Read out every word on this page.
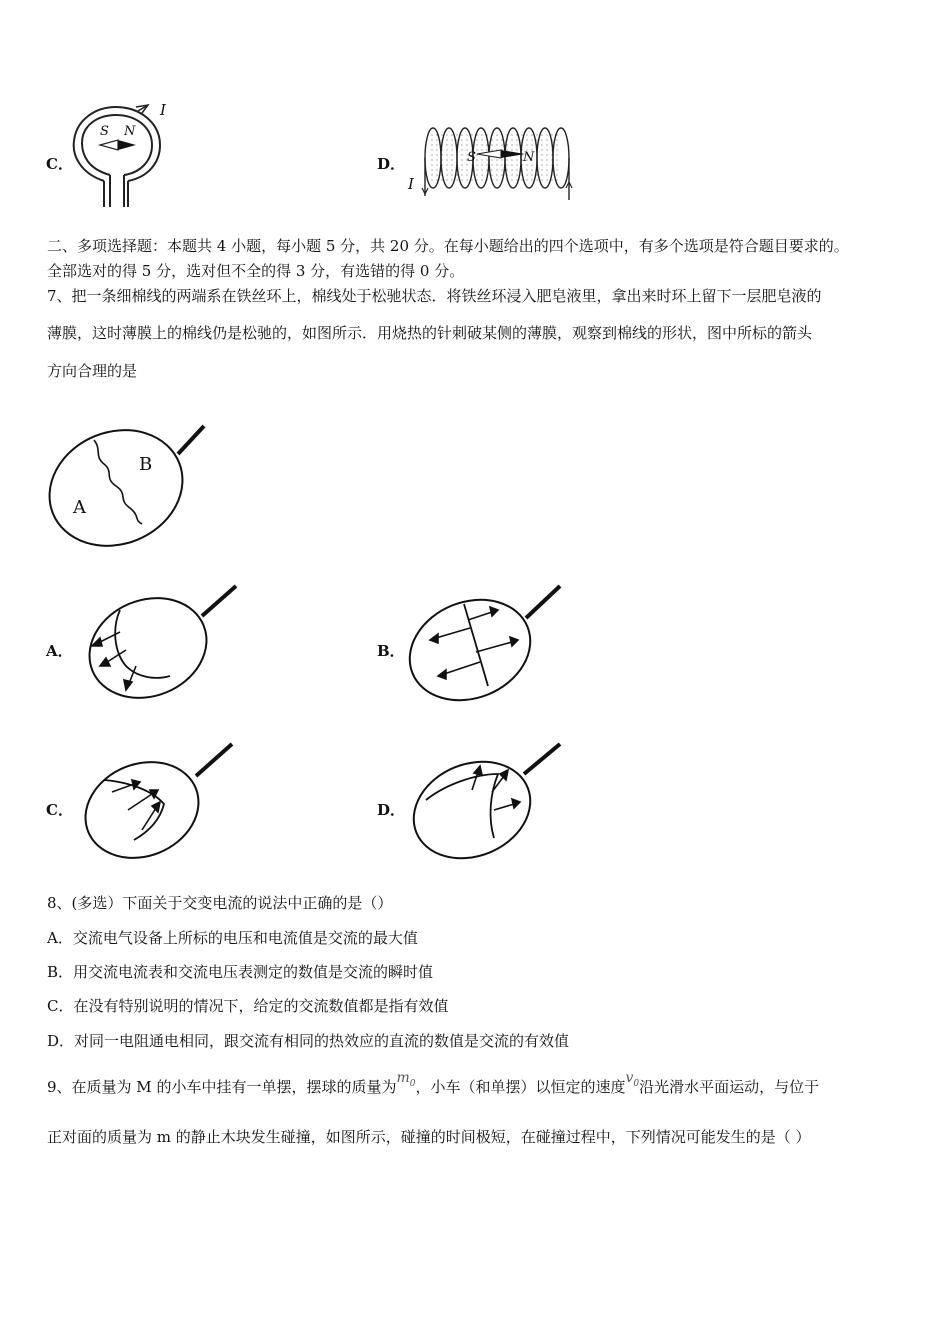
C．
I
S N
D．
I
S	N
二、多项选择题：本题共 4 小题，每小题 5 分，共 20 分。在每小题给出的四个选项中，有多个选项是符合题目要求的。
全部选对的得 5 分，选对但不全的得 3 分，有选错的得 0 分。
7、把一条细棉线的两端系在铁丝环上，棉线处于松驰状态．将铁丝环浸入肥皂液里，拿出来时环上留下一层肥皂液的
薄膜，这时薄膜上的棉线仍是松驰的，如图所示．用烧热的针刺破某侧的薄膜，观察到棉线的形状，图中所标的箭头
方向合理的是
A
B
A．	B．
C．	D．
8、(多选）下面关于交变电流的说法中正确的是（）
A．交流电气设备上所标的电压和电流值是交流的最大值
B．用交流电流表和交流电压表测定的数值是交流的瞬时值
C．在没有特别说明的情况下，给定的交流数值都是指有效值
D．对同一电阻通电相同，跟交流有相同的热效应的直流的数值是交流的有效值
9、在质量为 M 的小车中挂有一单摆，摆球的质量为$m_0$，小车（和单摆）以恒定的速度$v_0$沿光滑水平面运动，与位于
正对面的质量为 m 的静止木块发生碰撞，如图所示，碰撞的时间极短，在碰撞过程中，下列情况可能发生的是（ ）
